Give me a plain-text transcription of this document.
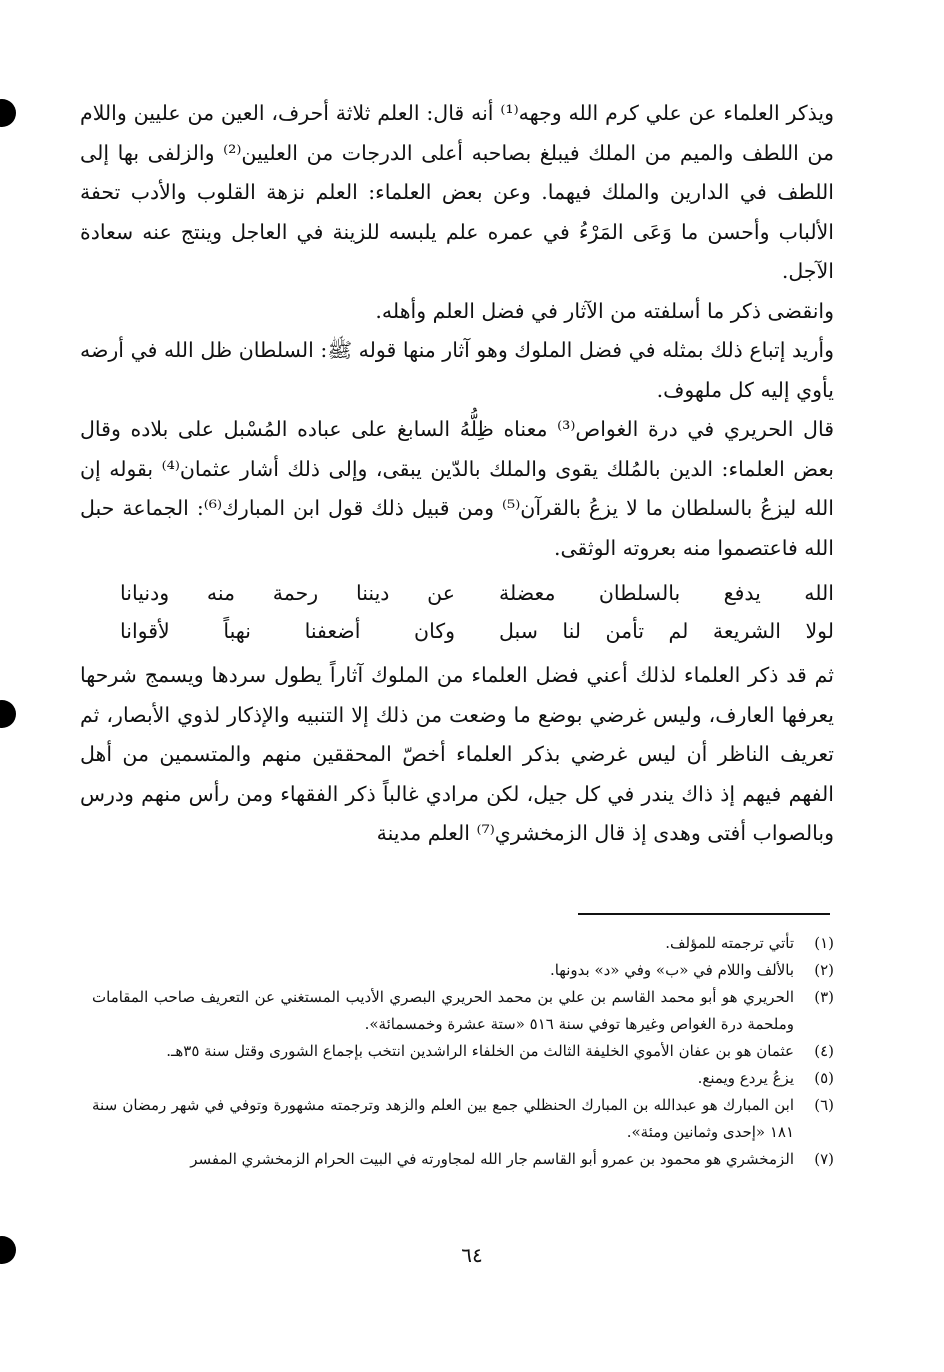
ويذكر العلماء عن علي كرم الله وجهه⁽¹⁾ أنه قال: العلم ثلاثة أحرف، العين من عليين واللام من اللطف والميم من الملك فيبلغ بصاحبه أعلى الدرجات من العليين⁽²⁾ والزلفى بها إلى اللطف في الدارين والملك فيهما. وعن بعض العلماء: العلم نزهة القلوب والأدب تحفة الألباب وأحسن ما وَعَى المَرْءُ في عمره علم يلبسه للزينة في العاجل وينتج عنه سعادة الآجل.

وانقضى ذكر ما أسلفته من الآثار في فضل العلم وأهله.

وأريد إتباع ذلك بمثله في فضل الملوك وهو آثار منها قوله ﷺ: السلطان ظل الله في أرضه يأوي إليه كل ملهوف.

قال الحريري في درة الغواص⁽³⁾ معناه ظِلُّهُ السابغ على عباده المُسْبل على بلاده وقال بعض العلماء: الدين بالمُلك يقوى والملك بالدّين يبقى، وإلى ذلك أشار عثمان⁽⁴⁾ بقوله إن الله ليزعُ بالسلطان ما لا يزعُ بالقرآن⁽⁵⁾ ومن قبيل ذلك قول ابن المبارك⁽⁶⁾: الجماعة حبل الله فاعتصموا منه بعروته الوثقى.

الله يدفع بالسلطان معضلة
عن ديننا رحمة منه ودنيانا
لولا الشريعة لم تأمن لنا سبل
وكان أضعفنا نهباً لأقوانا

ثم قد ذكر العلماء لذلك أعني فضل العلماء من الملوك آثاراً يطول سردها ويسمج شرحها يعرفها العارف، وليس غرضي بوضع ما وضعت من ذلك إلا التنبيه والإذكار لذوي الأبصار، ثم تعريف الناظر أن ليس غرضي بذكر العلماء أخصّ المحققين منهم والمتسمين من أهل الفهم فيهم إذ ذاك يندر في كل جيل، لكن مرادي غالباً ذكر الفقهاء ومن رأس منهم ودرس وبالصواب أفتى وهدى إذ قال الزمخشري⁽⁷⁾ العلم مدينة

(١)
تأتي ترجمته للمؤلف.
(٢)
بالألف واللام في «ب» وفي «د» بدونها.
(٣)
الحريري هو أبو محمد القاسم بن علي بن محمد الحريري البصري الأديب المستغني عن التعريف صاحب المقامات وملحمة درة الغواص وغيرها توفي سنة ٥١٦ «ستة عشرة وخمسمائة».
(٤)
عثمان هو بن عفان الأموي الخليفة الثالث من الخلفاء الراشدين انتخب بإجماع الشورى وقتل سنة ٣٥هـ.
(٥)
يزعُ يردع ويمنع.
(٦)
ابن المبارك هو عبدالله بن المبارك الحنظلي جمع بين العلم والزهد وترجمته مشهورة وتوفي في شهر رمضان سنة ١٨١ «إحدى وثمانين ومئة».
(٧)
الزمخشري هو محمود بن عمرو أبو القاسم جار الله لمجاورته في البيت الحرام الزمخشري المفسر
٦٤
